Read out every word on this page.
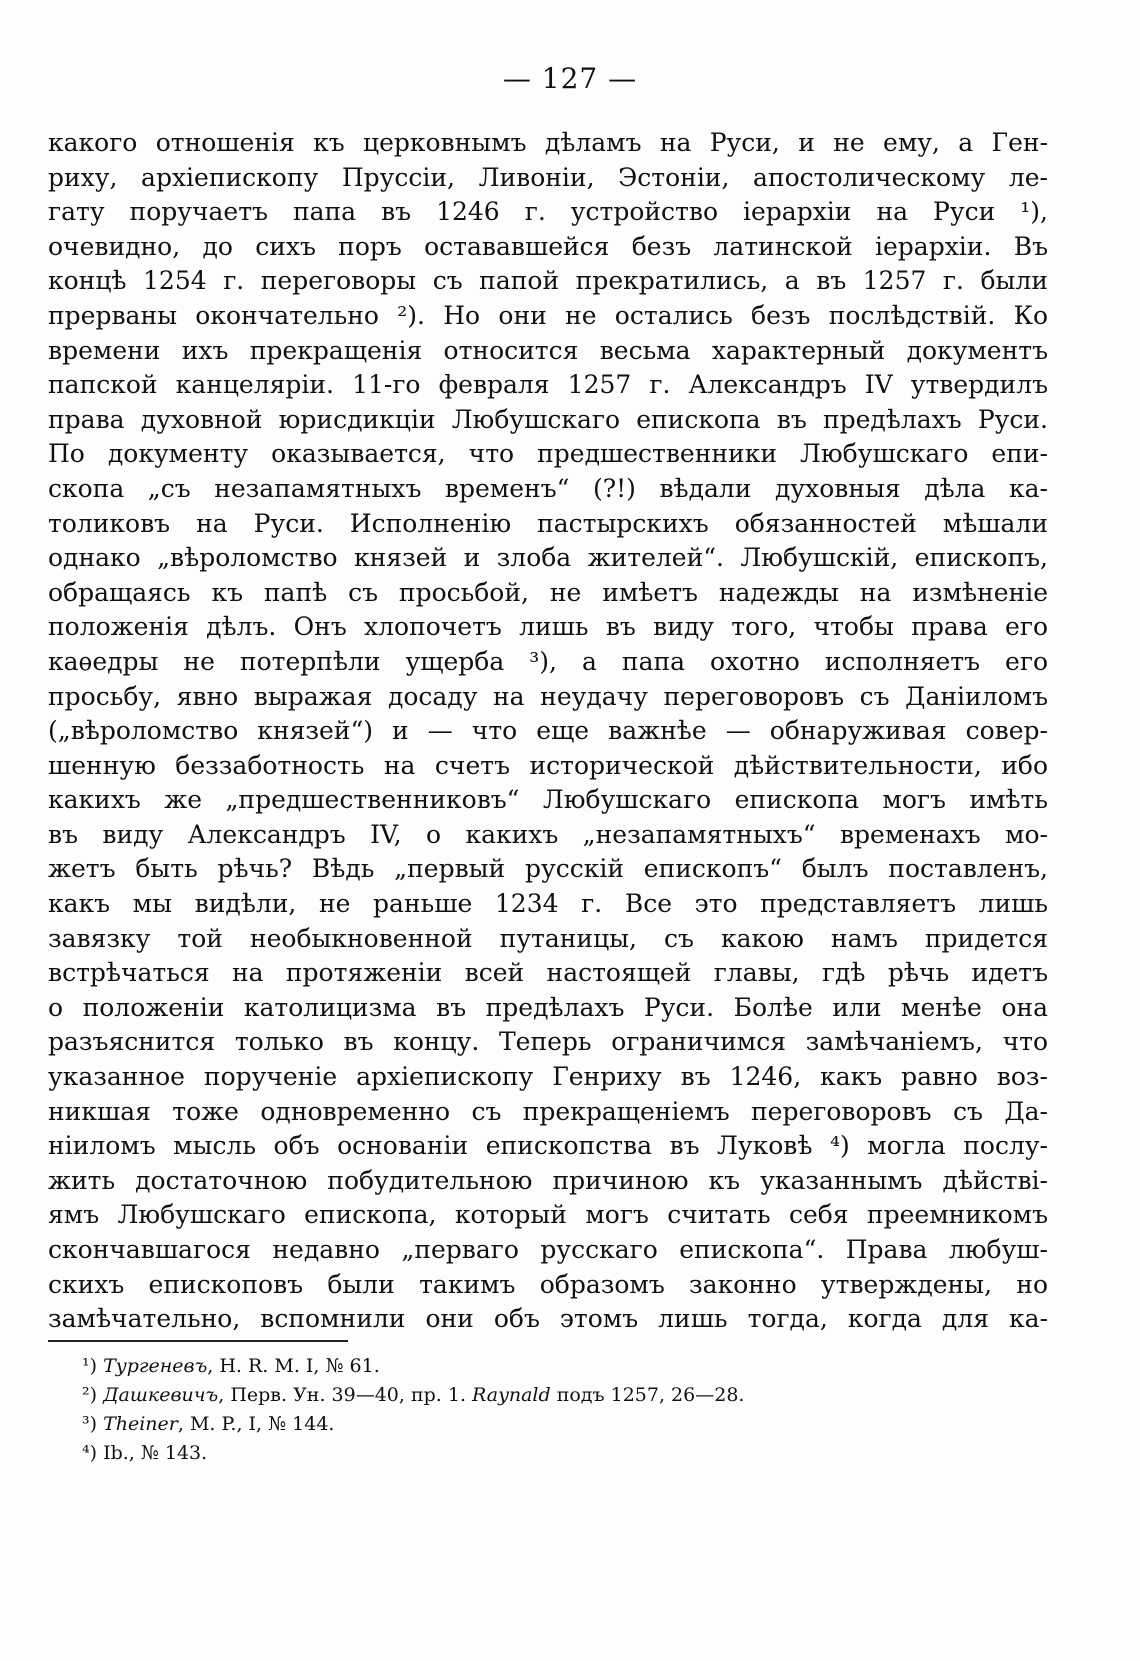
— 127 —
какого отношенія къ церковнымъ дѣламъ на Руси, и не ему, а Ген-
риху, архіепископу Пруссіи, Ливоніи, Эстоніи, апостолическому ле-
гату поручаетъ папа въ 1246 г. устройство іерархіи на Руси ¹),
очевидно, до сихъ поръ остававшейся безъ латинской іерархіи. Въ
концѣ 1254 г. переговоры съ папой прекратились, а въ 1257 г. были
прерваны окончательно ²). Но они не остались безъ послѣдствій. Ко
времени ихъ прекращенія относится весьма характерный документъ
папской канцеляріи. 11-го февраля 1257 г. Александръ IV утвердилъ
права духовной юрисдикціи Любушскаго епископа въ предѣлахъ Руси.
По документу оказывается, что предшественники Любушскаго епи-
скопа „съ незапамятныхъ временъ“ (?!) вѣдали духовныя дѣла ка-
толиковъ на Руси. Исполненію пастырскихъ обязанностей мѣшали
однако „вѣроломство князей и злоба жителей“. Любушскій, епископъ,
обращаясь къ папѣ съ просьбой, не имѣетъ надежды на измѣненіе
положенія дѣлъ. Онъ хлопочетъ лишь въ виду того, чтобы права его
каѳедры не потерпѣли ущерба ³), а папа охотно исполняетъ его
просьбу, явно выражая досаду на неудачу переговоровъ съ Даніиломъ
(„вѣроломство князей“) и — что еще важнѣе — обнаруживая совер-
шенную беззаботность на счетъ исторической дѣйствительности, ибо
какихъ же „предшественниковъ“ Любушскаго епископа могъ имѣть
въ виду Александръ IV, о какихъ „незапамятныхъ“ временахъ мо-
жетъ быть рѣчь? Вѣдь „первый русскій епископъ“ былъ поставленъ,
какъ мы видѣли, не раньше 1234 г. Все это представляетъ лишь
завязку той необыкновенной путаницы, съ какою намъ придется
встрѣчаться на протяженіи всей настоящей главы, гдѣ рѣчь идетъ
о положеніи католицизма въ предѣлахъ Руси. Болѣе или менѣе она
разъяснится только въ концу. Теперь ограничимся замѣчаніемъ, что
указанное порученіе архіепископу Генриху въ 1246, какъ равно воз-
никшая тоже одновременно съ прекращеніемъ переговоровъ съ Да-
ніиломъ мысль объ основаніи епископства въ Луковѣ ⁴) могла послу-
жить достаточною побудительною причиною къ указаннымъ дѣйствi-
ямъ Любушскаго епископа, который могъ считать себя преемникомъ
скончавшагося недавно „перваго русскаго епископа“. Права любуш-
скихъ епископовъ были такимъ образомъ законно утверждены, но
замѣчательно, вспомнили они объ этомъ лишь тогда, когда для ка-
¹) Тургеневъ, H. R. M. I, № 61.
²) Дашкевичъ, Перв. Ун. 39—40, пр. 1. Raynald подъ 1257, 26—28.
³) Theiner, M. P., I, № 144.
⁴) Ib., № 143.
